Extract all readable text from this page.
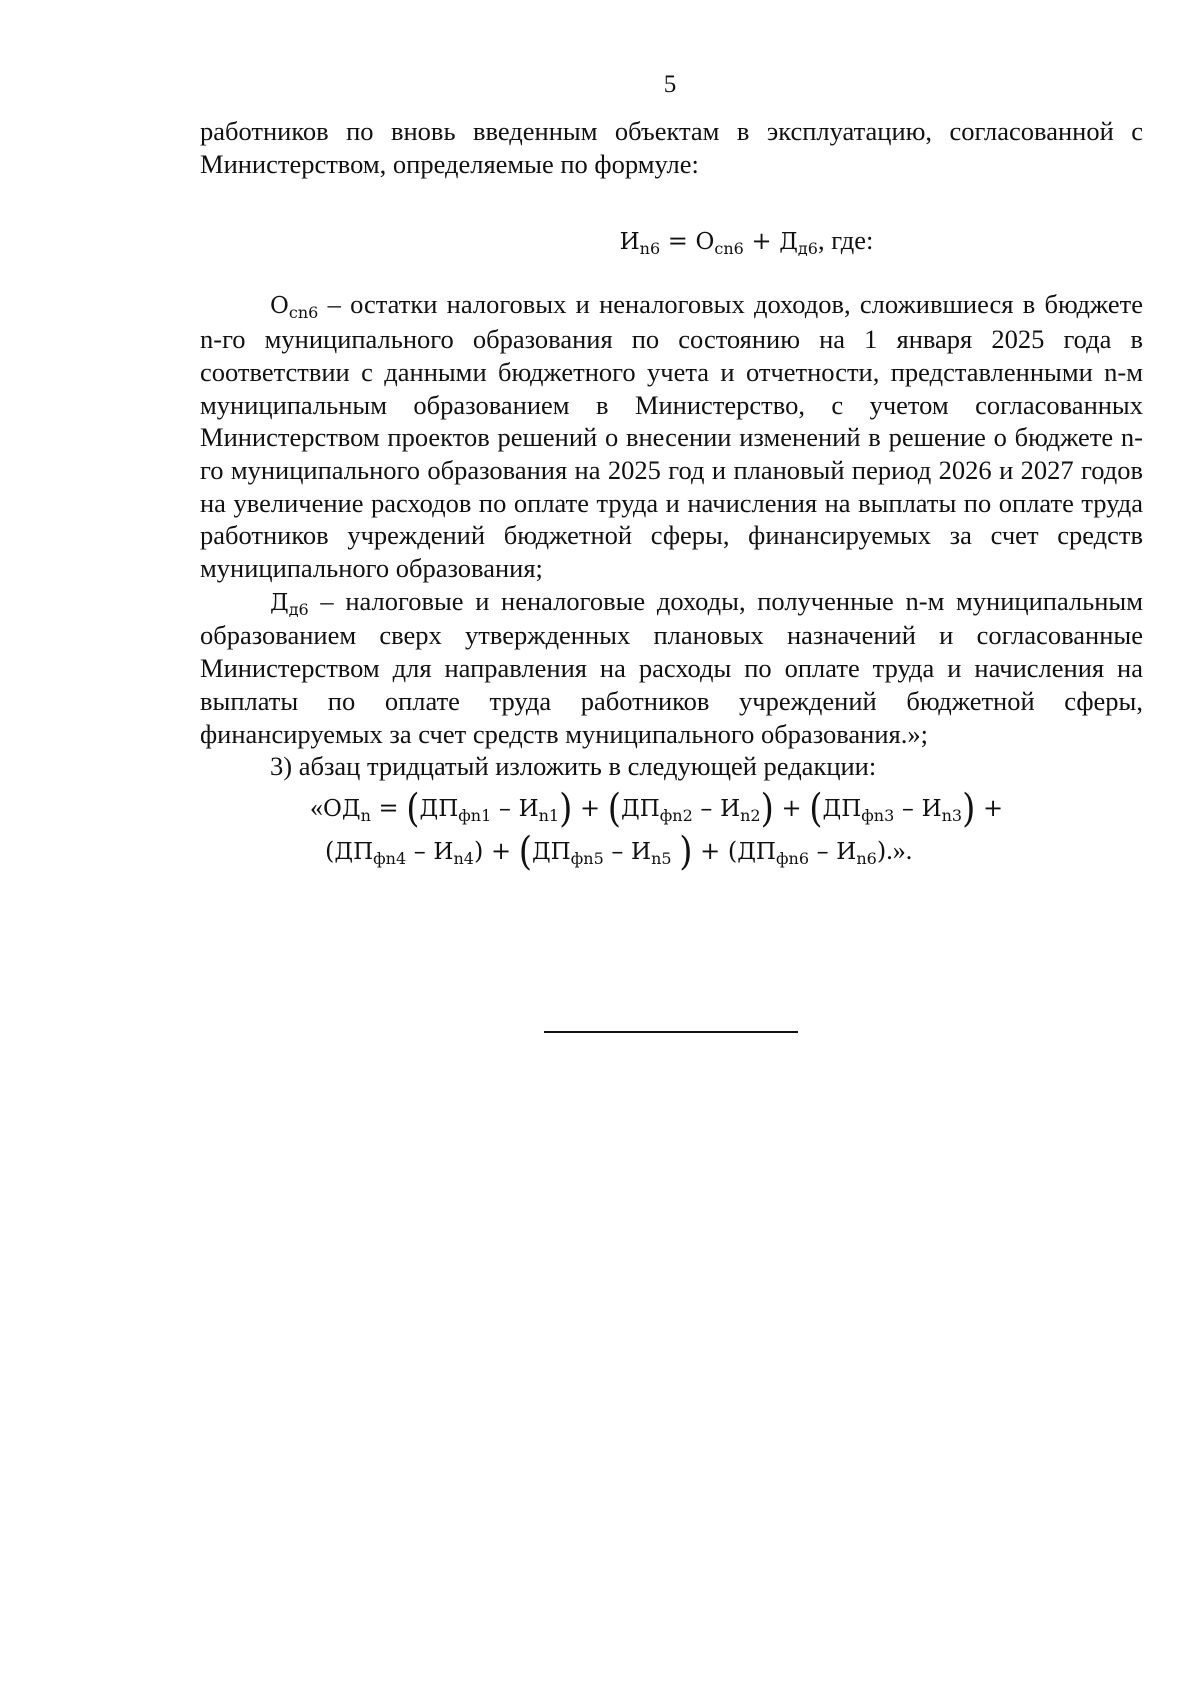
5

работников по вновь введенным объектам в эксплуатацию, согласованной с Министерством, определяемые по формуле:

$И_{n6} = О_{сn6} + Д_{д6}$, где:

$О_{сn6}$ – остатки налоговых и неналоговых доходов, сложившиеся в бюджете n-го муниципального образования по состоянию на 1 января 2025 года в соответствии с данными бюджетного учета и отчетности, представленными n-м муниципальным образованием в Министерство, с учетом согласованных Министерством проектов решений о внесении изменений в решение о бюджете n-го муниципального образования на 2025 год и плановый период 2026 и 2027 годов на увеличение расходов по оплате труда и начисления на выплаты по оплате труда работников учреждений бюджетной сферы, финансируемых за счет средств муниципального образования;

$Д_{д6}$ – налоговые и неналоговые доходы, полученные n-м муниципальным образованием сверх утвержденных плановых назначений и согласованные Министерством для направления на расходы по оплате труда и начисления на выплаты по оплате труда работников учреждений бюджетной сферы, финансируемых за счет средств муниципального образования.»;

3) абзац тридцатый изложить в следующей редакции:

«$ОД_n = (ДП_{фn1} - И_{n1}) + (ДП_{фn2} - И_{n2}) + (ДП_{фn3} - И_{n3})$ +
$(ДП_{фn4} - И_{n4}) + (ДП_{фn5} - И_{n5}$ ) + $(ДП_{фn6} - И_{n6})$.».
